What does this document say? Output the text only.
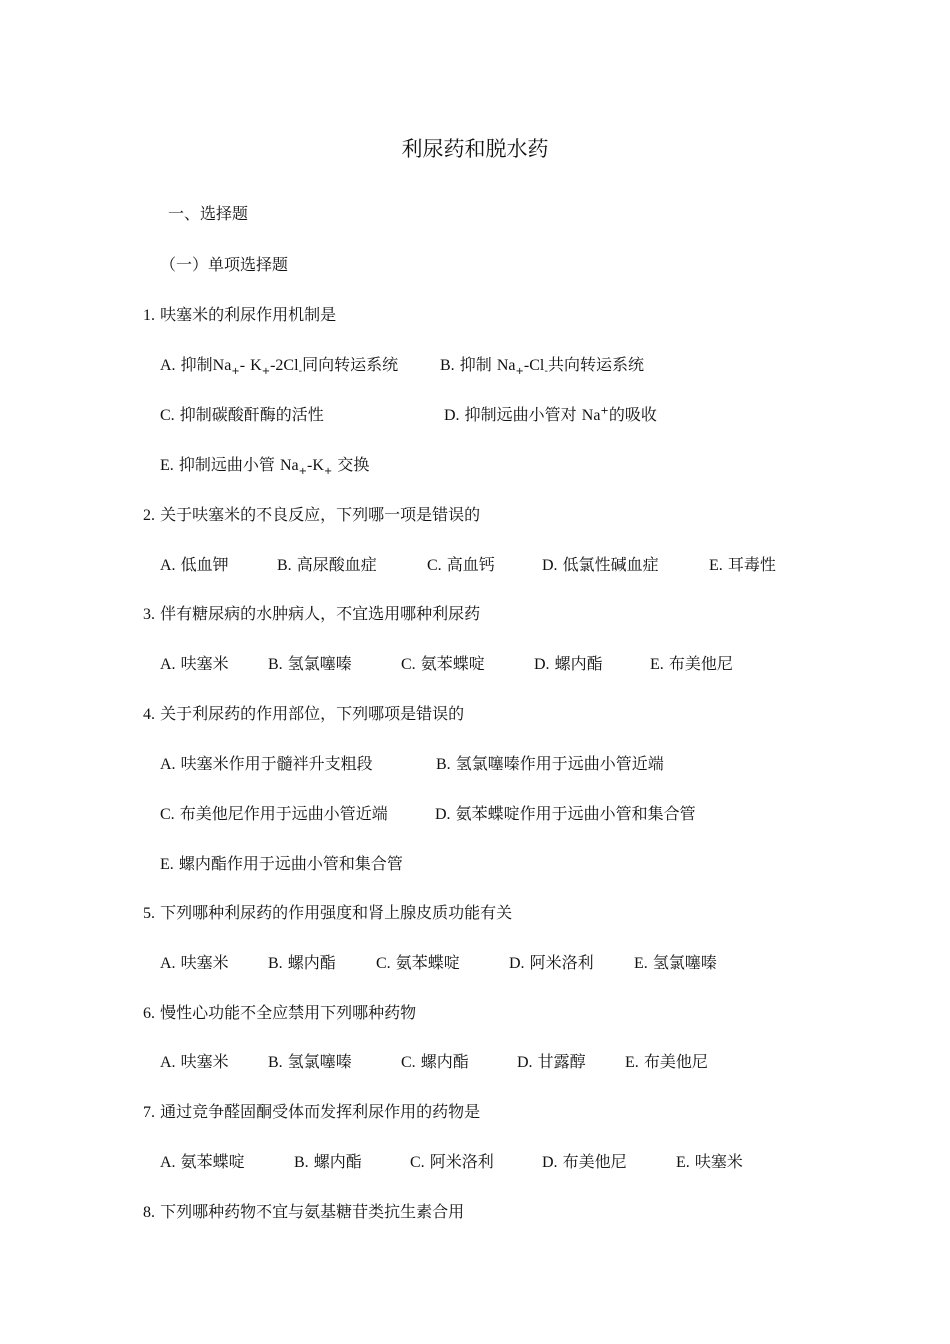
利尿药和脱水药
一、选择题
（一）单项选择题
1. 呋塞米的利尿作用机制是
A. 抑制$Na_+-$ $K_+-2Cl_-$同向转运系统	B. 抑制 $Na_+-Cl_-$共向转运系统
C. 抑制碳酸酐酶的活性	D. 抑制远曲小管对 Na+的吸收
E. 抑制远曲小管 $Na_+-K_+$ 交换
2. 关于呋塞米的不良反应，下列哪一项是错误的
A. 低血钾	B. 高尿酸血症	C. 高血钙	D. 低氯性碱血症	E. 耳毒性
3. 伴有糖尿病的水肿病人，不宜选用哪种利尿药
A. 呋塞米 B. 氢氯噻嗪	C. 氨苯蝶啶	D. 螺内酯	E. 布美他尼
4. 关于利尿药的作用部位，下列哪项是错误的
A. 呋塞米作用于髓袢升支粗段	B. 氢氯噻嗪作用于远曲小管近端
C. 布美他尼作用于远曲小管近端	D. 氨苯蝶啶作用于远曲小管和集合管
E. 螺内酯作用于远曲小管和集合管
5. 下列哪种利尿药的作用强度和肾上腺皮质功能有关
A. 呋塞米 B. 螺内酯	C. 氨苯蝶啶	D. 阿米洛利	E. 氢氯噻嗪
6. 慢性心功能不全应禁用下列哪种药物
A. 呋塞米 B. 氢氯噻嗪	C. 螺内酯	D. 甘露醇 E. 布美他尼
7. 通过竞争醛固酮受体而发挥利尿作用的药物是
A. 氨苯蝶啶	B. 螺内酯	C. 阿米洛利	D. 布美他尼	E. 呋塞米
8. 下列哪种药物不宜与氨基糖苷类抗生素合用
